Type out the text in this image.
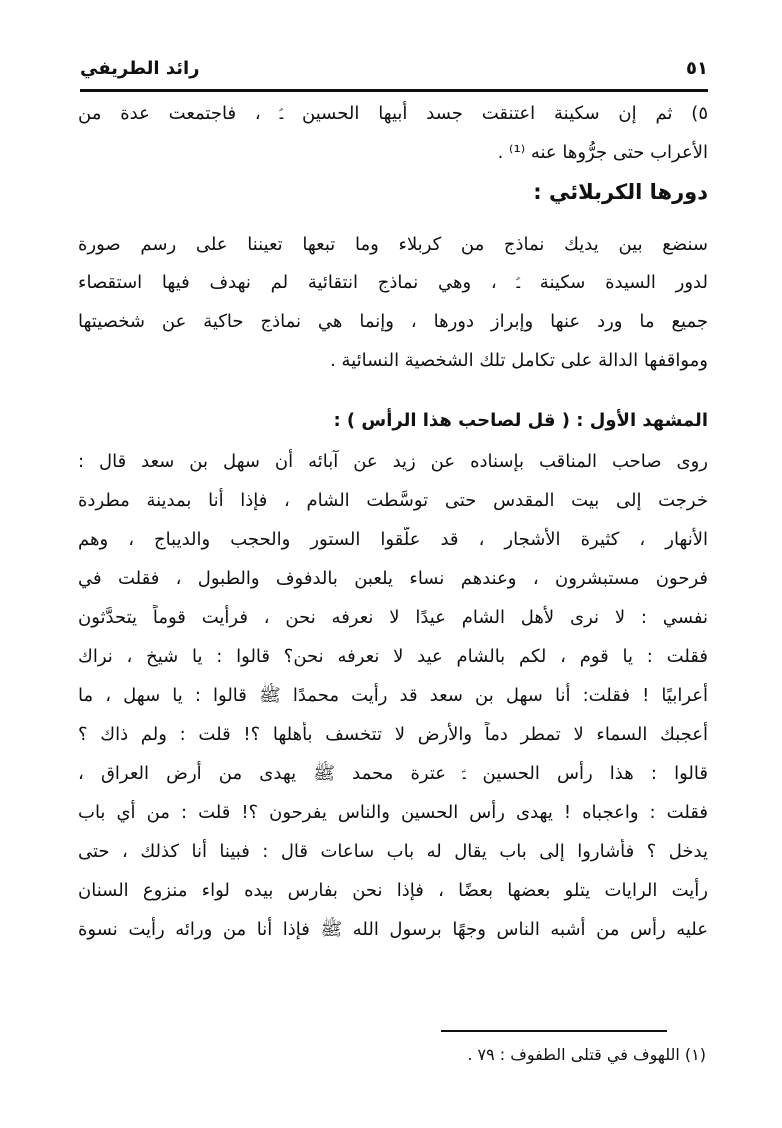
٥١
رائد الطريفي
٥) ثم إن سكينة اعتنقت جسد أبيها الحسين ـؑ ، فاجتمعت عدة من
الأعراب حتى جرُّوها عنه ⁽¹⁾ .
دورها الكربلائي :
سنضع بين يديك نماذج من كربلاء وما تبعها تعيننا على رسم صورة
لدور السيدة سكينة ـؑ ، وهي نماذج انتقائية لم نهدف فيها استقصاء
جميع ما ورد عنها وإبراز دورها ، وإنما هي نماذج حاكية عن شخصيتها
ومواقفها الدالة على تكامل تلك الشخصية النسائية .
المشهد الأول : ( قل لصاحب هذا الرأس ) :
روى صاحب المناقب بإسناده عن زيد عن آبائه أن سهل بن سعد قال :
خرجت إلى بيت المقدس حتى توسَّطت الشام ، فإذا أنا بمدينة مطردة
الأنهار ، كثيرة الأشجار ، قد علَّقوا الستور والحجب والديباج ، وهم
فرحون مستبشرون ، وعندهم نساء يلعبن بالدفوف والطبول ، فقلت في
نفسي : لا نرى لأهل الشام عيدًا لا نعرفه نحن ، فرأيت قوماً يتحدَّثون
فقلت : يا قوم ، لكم بالشام عيد لا نعرفه نحن؟ قالوا : يا شيخ ، نراك
أعرابيًا ! فقلت: أنا سهل بن سعد قد رأيت محمدًا ﷺ قالوا : يا سهل ، ما
أعجبك السماء لا تمطر دماً والأرض لا تتخسف بأهلها ؟! قلت : ولم ذاك ؟
قالوا : هذا رأس الحسين ـؑ عترة محمد ﷺ يهدى من أرض العراق ،
فقلت : واعجباه ! يهدى رأس الحسين والناس يفرحون ؟! قلت : من أي باب
يدخل ؟ فأشاروا إلى باب يقال له باب ساعات قال : فبينا أنا كذلك ، حتى
رأيت الرايات يتلو بعضها بعضًا ، فإذا نحن بفارس بيده لواء منزوع السنان
عليه رأس من أشبه الناس وجهًا برسول الله ﷺ فإذا أنا من ورائه رأيت نسوة
(١) اللهوف في قتلى الطفوف : ٧٩ .
